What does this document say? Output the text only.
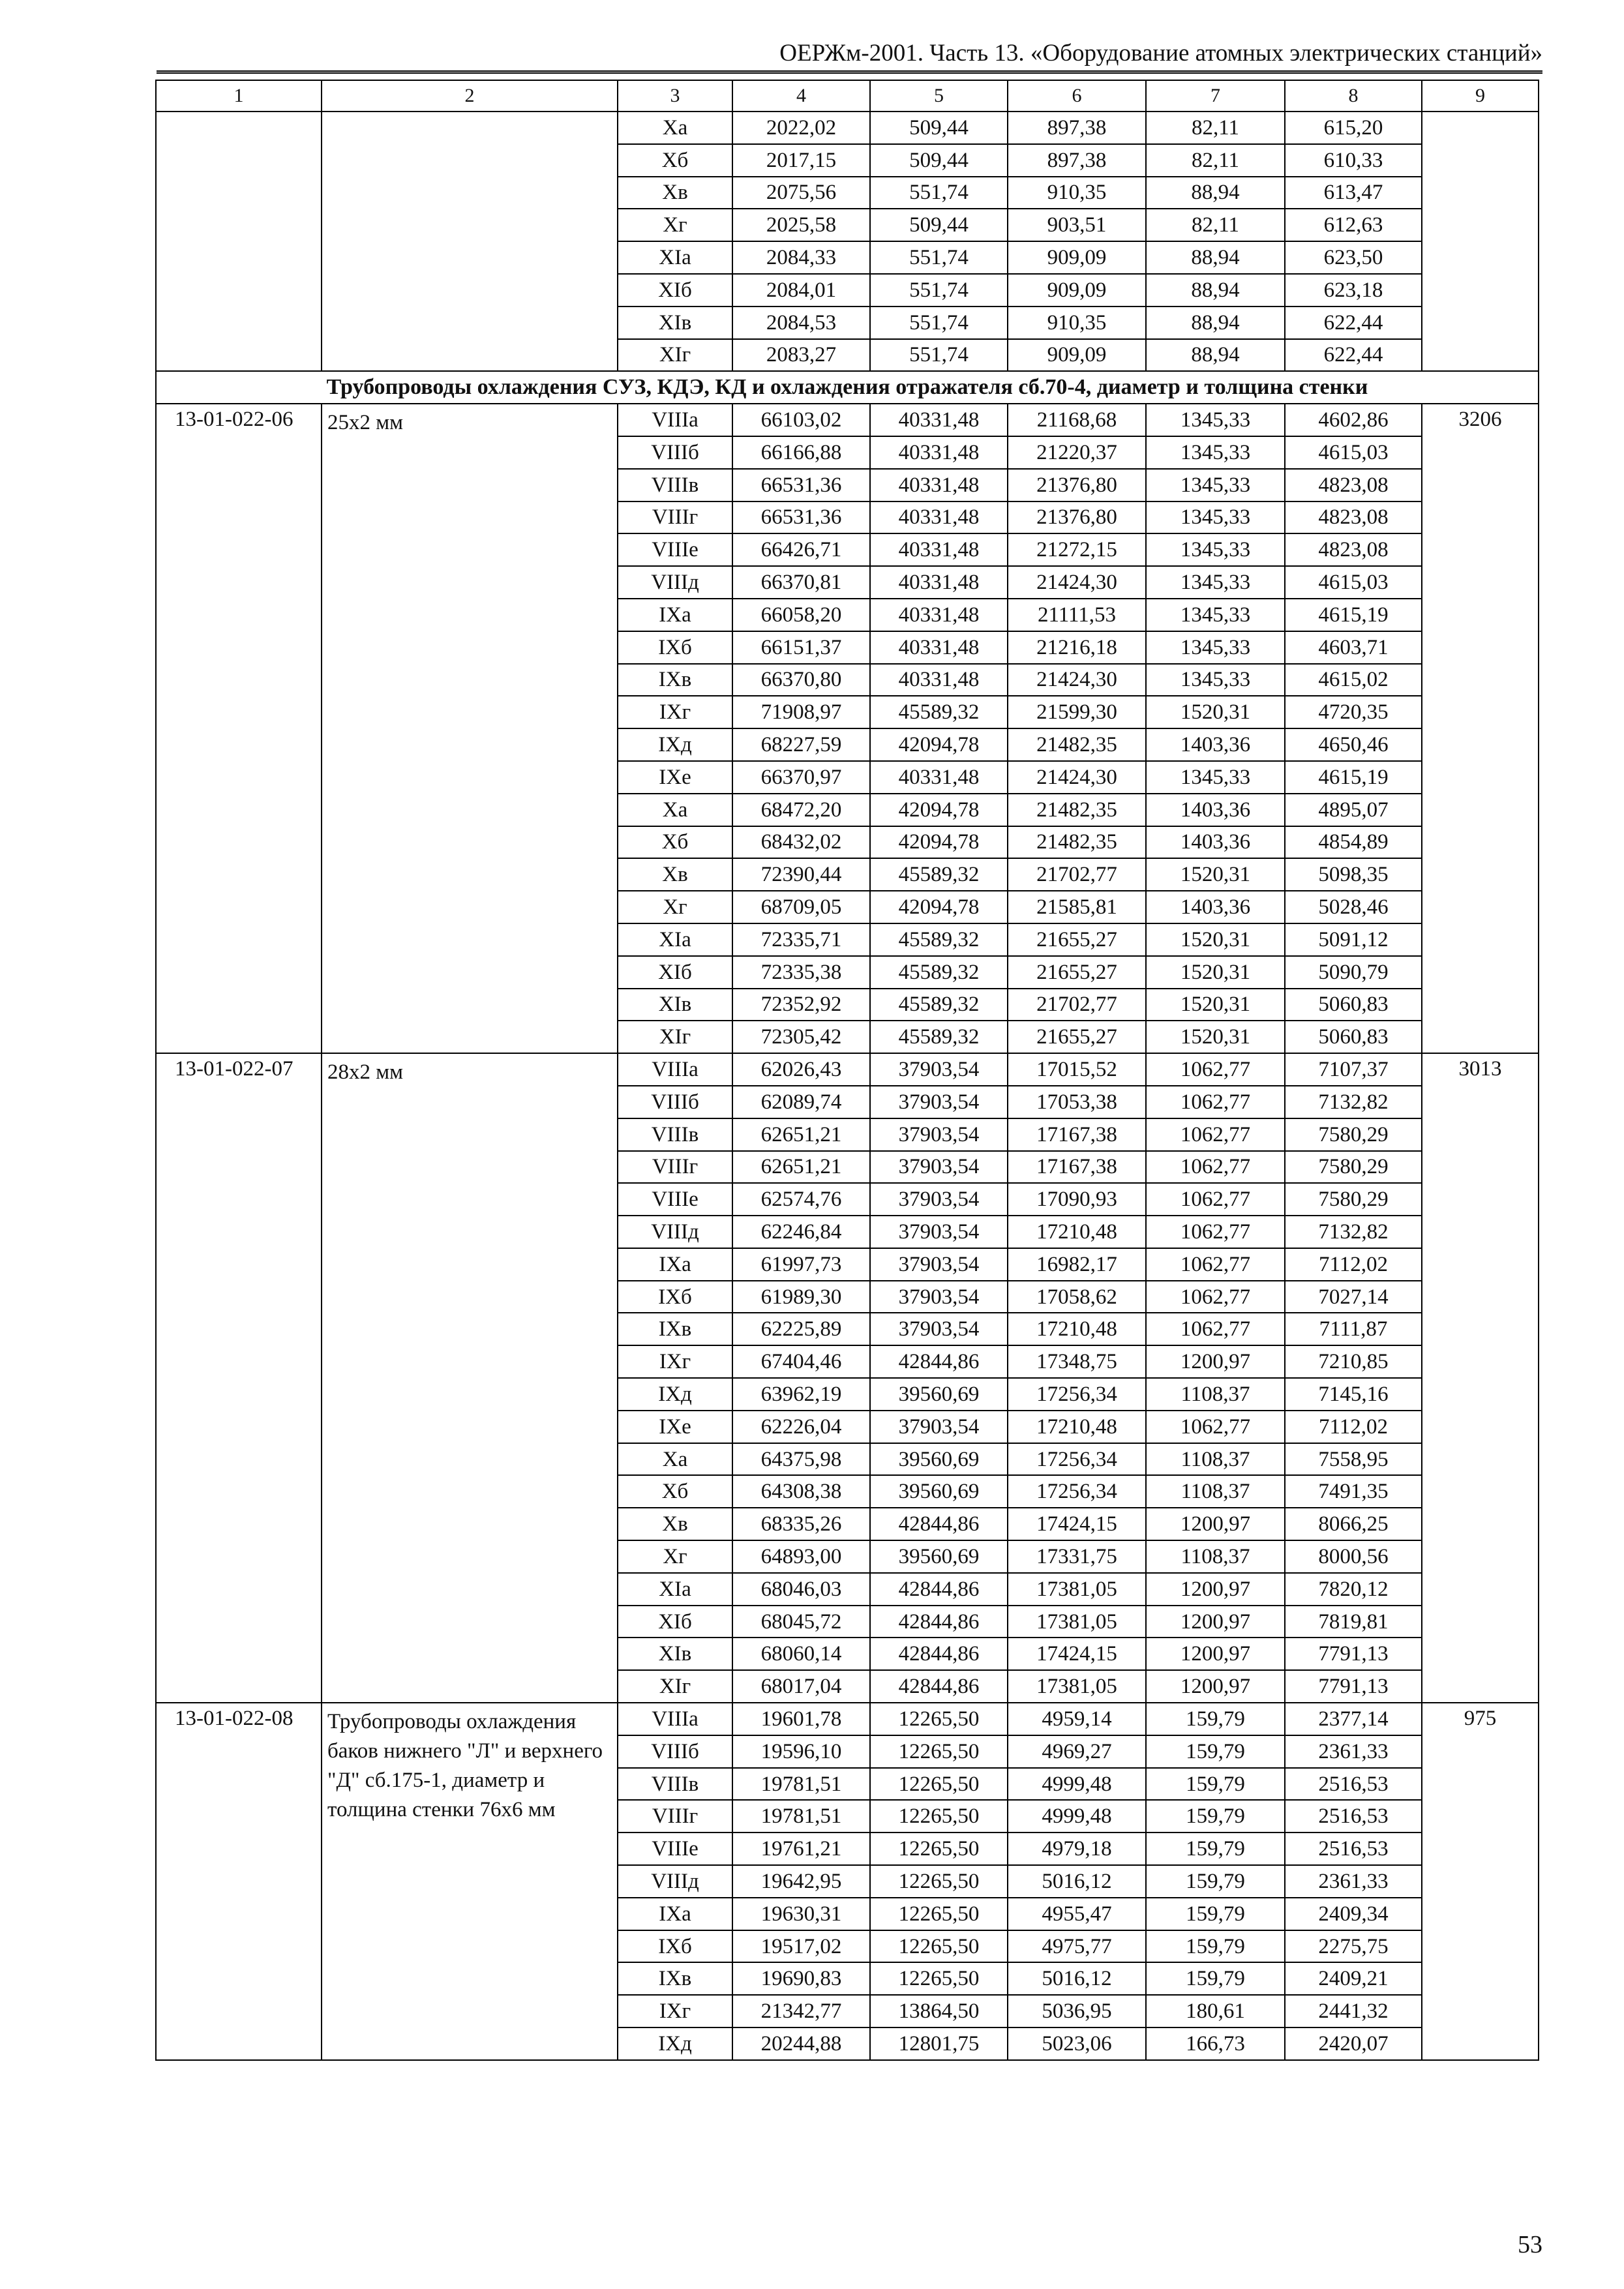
ОЕРЖм-2001. Часть 13. «Оборудование атомных электрических станций»
1	2	3	4	5	6	7	8	9
		Xa	2022,02	509,44	897,38	82,11	615,20	
		Xб	2017,15	509,44	897,38	82,11	610,33	
		Xв	2075,56	551,74	910,35	88,94	613,47	
		Xг	2025,58	509,44	903,51	82,11	612,63	
		XIa	2084,33	551,74	909,09	88,94	623,50	
		XIб	2084,01	551,74	909,09	88,94	623,18	
		XIв	2084,53	551,74	910,35	88,94	622,44	
		XIг	2083,27	551,74	909,09	88,94	622,44	
Трубопроводы охлаждения СУЗ, КДЭ, КД и охлаждения отражателя сб.70-4, диаметр и толщина стенки								
13-01-022-06	25x2 мм	VIIIa	66103,02	40331,48	21168,68	1345,33	4602,86	3206
		VIIIб	66166,88	40331,48	21220,37	1345,33	4615,03	
		VIIIв	66531,36	40331,48	21376,80	1345,33	4823,08	
		VIIIг	66531,36	40331,48	21376,80	1345,33	4823,08	
		VIIIе	66426,71	40331,48	21272,15	1345,33	4823,08	
		VIIIд	66370,81	40331,48	21424,30	1345,33	4615,03	
		IXa	66058,20	40331,48	21111,53	1345,33	4615,19	
		IXб	66151,37	40331,48	21216,18	1345,33	4603,71	
		IXв	66370,80	40331,48	21424,30	1345,33	4615,02	
		IXг	71908,97	45589,32	21599,30	1520,31	4720,35	
		IXд	68227,59	42094,78	21482,35	1403,36	4650,46	
		IXе	66370,97	40331,48	21424,30	1345,33	4615,19	
		Xa	68472,20	42094,78	21482,35	1403,36	4895,07	
		Xб	68432,02	42094,78	21482,35	1403,36	4854,89	
		Xв	72390,44	45589,32	21702,77	1520,31	5098,35	
		Xг	68709,05	42094,78	21585,81	1403,36	5028,46	
		XIa	72335,71	45589,32	21655,27	1520,31	5091,12	
		XIб	72335,38	45589,32	21655,27	1520,31	5090,79	
		XIв	72352,92	45589,32	21702,77	1520,31	5060,83	
		XIг	72305,42	45589,32	21655,27	1520,31	5060,83	
13-01-022-07	28x2 мм	VIIIa	62026,43	37903,54	17015,52	1062,77	7107,37	3013
		VIIIб	62089,74	37903,54	17053,38	1062,77	7132,82	
		VIIIв	62651,21	37903,54	17167,38	1062,77	7580,29	
		VIIIг	62651,21	37903,54	17167,38	1062,77	7580,29	
		VIIIе	62574,76	37903,54	17090,93	1062,77	7580,29	
		VIIIд	62246,84	37903,54	17210,48	1062,77	7132,82	
		IXa	61997,73	37903,54	16982,17	1062,77	7112,02	
		IXб	61989,30	37903,54	17058,62	1062,77	7027,14	
		IXв	62225,89	37903,54	17210,48	1062,77	7111,87	
		IXг	67404,46	42844,86	17348,75	1200,97	7210,85	
		IXд	63962,19	39560,69	17256,34	1108,37	7145,16	
		IXе	62226,04	37903,54	17210,48	1062,77	7112,02	
		Xa	64375,98	39560,69	17256,34	1108,37	7558,95	
		Xб	64308,38	39560,69	17256,34	1108,37	7491,35	
		Xв	68335,26	42844,86	17424,15	1200,97	8066,25	
		Xг	64893,00	39560,69	17331,75	1108,37	8000,56	
		XIa	68046,03	42844,86	17381,05	1200,97	7820,12	
		XIб	68045,72	42844,86	17381,05	1200,97	7819,81	
		XIв	68060,14	42844,86	17424,15	1200,97	7791,13	
		XIг	68017,04	42844,86	17381,05	1200,97	7791,13	
13-01-022-08	Трубопроводы охлаждения баков нижнего "Л" и верхнего "Д" сб.175-1, диаметр и толщина стенки 76x6 мм	VIIIa	19601,78	12265,50	4959,14	159,79	2377,14	975
		VIIIб	19596,10	12265,50	4969,27	159,79	2361,33	
		VIIIв	19781,51	12265,50	4999,48	159,79	2516,53	
		VIIIг	19781,51	12265,50	4999,48	159,79	2516,53	
		VIIIе	19761,21	12265,50	4979,18	159,79	2516,53	
		VIIIд	19642,95	12265,50	5016,12	159,79	2361,33	
		IXa	19630,31	12265,50	4955,47	159,79	2409,34	
		IXб	19517,02	12265,50	4975,77	159,79	2275,75	
		IXв	19690,83	12265,50	5016,12	159,79	2409,21	
		IXг	21342,77	13864,50	5036,95	180,61	2441,32	
		IXд	20244,88	12801,75	5023,06	166,73	2420,07	
53
